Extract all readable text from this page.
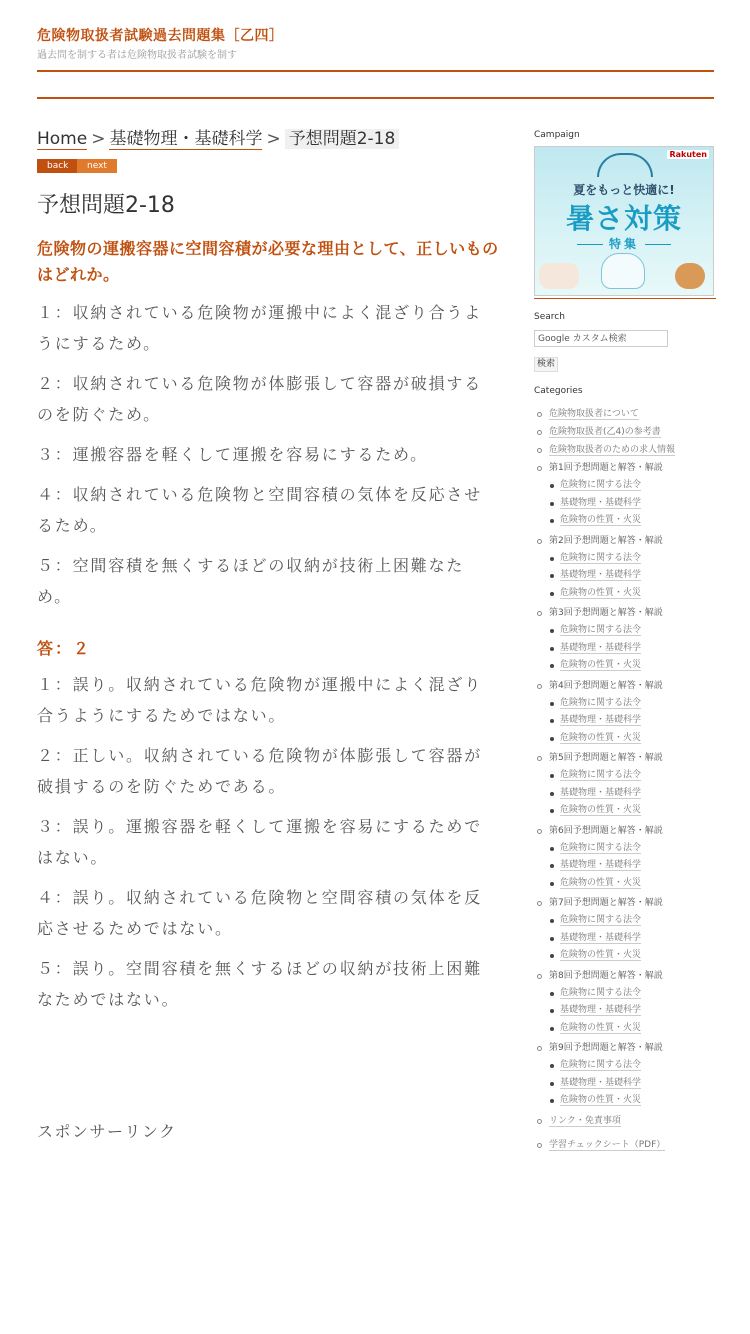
危険物取扱者試験過去問題集［乙四］
過去問を制する者は危険物取扱者試験を制す
Home > 基礎物理・基礎科学 > 予想問題2-18
back	next
予想問題2-18

危険物の運搬容器に空間容積が必要な理由として、正しいものはどれか。

１：収納されている危険物が運搬中によく混ざり合うようにするため。

２：収納されている危険物が体膨張して容器が破損するのを防ぐため。

３：運搬容器を軽くして運搬を容易にするため。

４：収納されている危険物と空間容積の気体を反応させるため。

５：空間容積を無くするほどの収納が技術上困難なため。

答：２

１：誤り。収納されている危険物が運搬中によく混ざり合うようにするためではない。

２：正しい。収納されている危険物が体膨張して容器が破損するのを防ぐためである。

３：誤り。運搬容器を軽くして運搬を容易にするためではない。

４：誤り。収納されている危険物と空間容積の気体を反応させるためではない。

５：誤り。空間容積を無くするほどの収納が技術上困難なためではない。

スポンサーリンク
Campaign
Rakuten
夏をもっと快適に!
暑さ対策
特集
Search
Google カスタム検索
検索
Categories
危険物取扱者について
危険物取扱者(乙4)の参考書
危険物取扱者のための求人情報
第1回予想問題と解答・解説
危険物に関する法令
基礎物理・基礎科学
危険物の性質・火災
第2回予想問題と解答・解説
危険物に関する法令
基礎物理・基礎科学
危険物の性質・火災
第3回予想問題と解答・解説
危険物に関する法令
基礎物理・基礎科学
危険物の性質・火災
第4回予想問題と解答・解説
危険物に関する法令
基礎物理・基礎科学
危険物の性質・火災
第5回予想問題と解答・解説
危険物に関する法令
基礎物理・基礎科学
危険物の性質・火災
第6回予想問題と解答・解説
危険物に関する法令
基礎物理・基礎科学
危険物の性質・火災
第7回予想問題と解答・解説
危険物に関する法令
基礎物理・基礎科学
危険物の性質・火災
第8回予想問題と解答・解説
危険物に関する法令
基礎物理・基礎科学
危険物の性質・火災
第9回予想問題と解答・解説
危険物に関する法令
基礎物理・基礎科学
危険物の性質・火災
リンク・免責事項
学習チェックシート（PDF）
